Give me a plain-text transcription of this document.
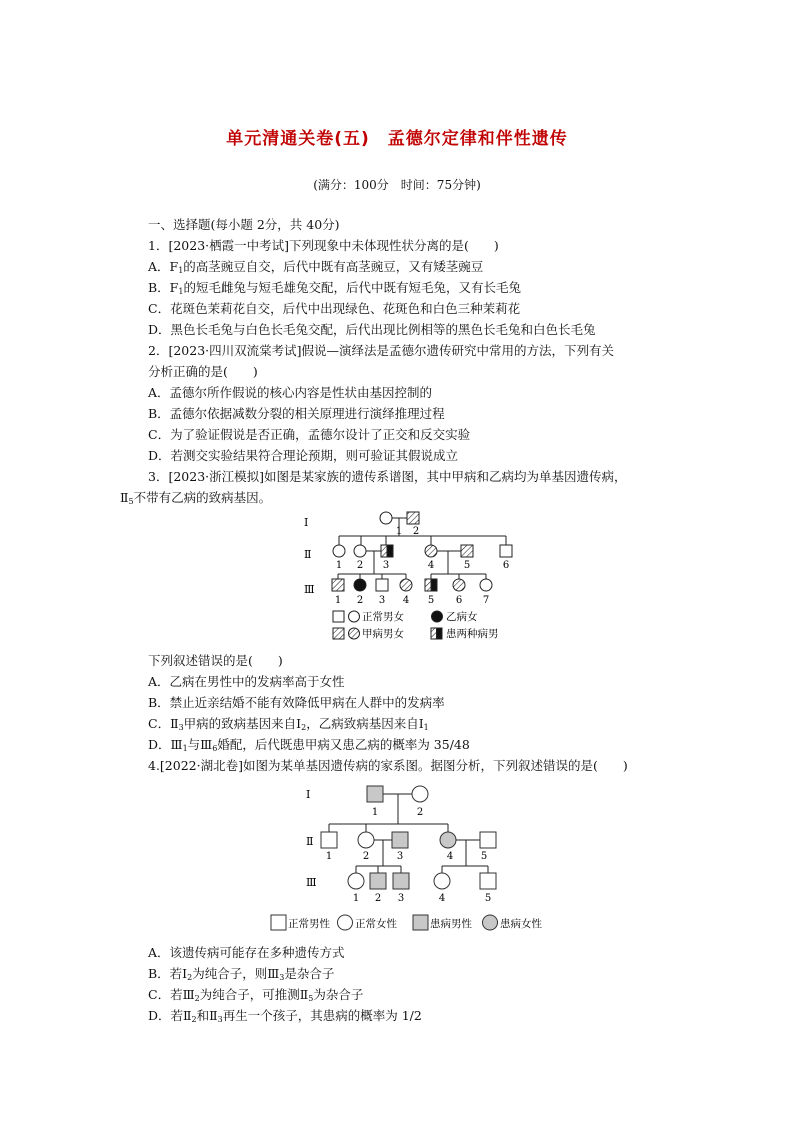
单元清通关卷(五)　孟德尔定律和伴性遗传
(满分：100分　时间：75分钟)
一、选择题(每小题 2分，共 40分)
1．[2023·栖霞一中考试]下列现象中未体现性状分离的是(　　)
A．$F_1$的高茎豌豆自交，后代中既有高茎豌豆，又有矮茎豌豆
B．$F_1$的短毛雌兔与短毛雄兔交配，后代中既有短毛兔，又有长毛兔
C．花斑色茉莉花自交，后代中出现绿色、花斑色和白色三种茉莉花
D．黑色长毛兔与白色长毛兔交配，后代出现比例相等的黑色长毛兔和白色长毛兔
2．[2023·四川双流棠考试]假说—演绎法是孟德尔遗传研究中常用的方法，下列有关
分析正确的是(　　)
A．孟德尔所作假说的核心内容是性状由基因控制的
B．孟德尔依据减数分裂的相关原理进行演绎推理过程
C．为了验证假说是否正确，孟德尔设计了正交和反交实验
D．若测交实验结果符合理论预期，则可验证其假说成立
3．[2023·浙江模拟]如图是某家族的遗传系谱图，其中甲病和乙病均为单基因遗传病，
$Ⅱ_5$不带有乙病的致病基因。
Ⅰ
Ⅱ
Ⅲ
1 2
1 2 3	4	5	6
1 2 3 4 5 6 7
正常男女	乙病女
甲病男女	患两种病男
下列叙述错误的是(　　)
A．乙病在男性中的发病率高于女性
B．禁止近亲结婚不能有效降低甲病在人群中的发病率
C．$Ⅱ_3$甲病的致病基因来自$Ⅰ_2$，乙病致病基因来自$Ⅰ_1$
D．$Ⅲ_1$与$Ⅲ_6$婚配，后代既患甲病又患乙病的概率为 35/48
4.[2022·湖北卷]如图为某单基因遗传病的家系图。据图分析，下列叙述错误的是(　　)
Ⅰ
Ⅱ
Ⅲ
1	2
1	2	3	4	5
1 2 3	4	5
正常男性 正常女性	患病男性	患病女性
A．该遗传病可能存在多种遗传方式
B．若$Ⅰ_2$为纯合子，则$Ⅲ_3$是杂合子
C．若$Ⅲ_2$为纯合子，可推测$Ⅱ_5$为杂合子
D．若$Ⅱ_2$和$Ⅱ_3$再生一个孩子，其患病的概率为 1/2
